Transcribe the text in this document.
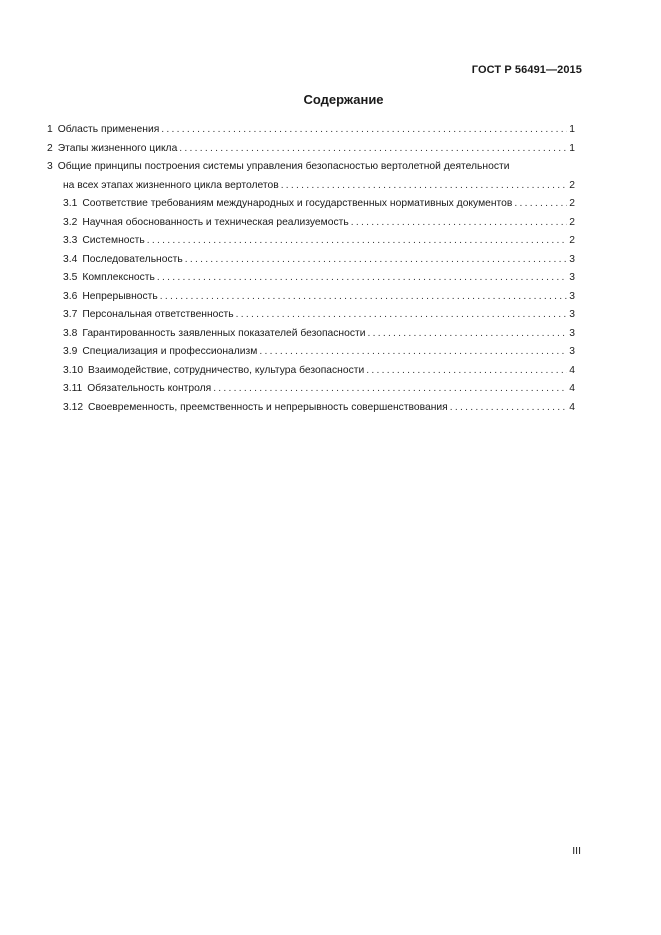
ГОСТ Р 56491—2015
Содержание
1 Область применения . . .	1
2 Этапы жизненного цикла . . .	1
3 Общие принципы построения системы управления безопасностью вертолетной деятельности
на всех этапах жизненного цикла вертолетов . . .	2
3.1 Соответствие требованиям международных и государственных нормативных документов . . .	2
3.2 Научная обоснованность и техническая реализуемость . . .	2
3.3 Системность . . .	2
3.4 Последовательность . . .	3
3.5 Комплексность . . .	3
3.6 Непрерывность . . .	3
3.7 Персональная ответственность . . .	3
3.8 Гарантированность заявленных показателей безопасности . . .	3
3.9 Специализация и профессионализм . . .	3
3.10 Взаимодействие, сотрудничество, культура безопасности . . .	4
3.11 Обязательность контроля . . .	4
3.12 Своевременность, преемственность и непрерывность совершенствования . . .	4
III
